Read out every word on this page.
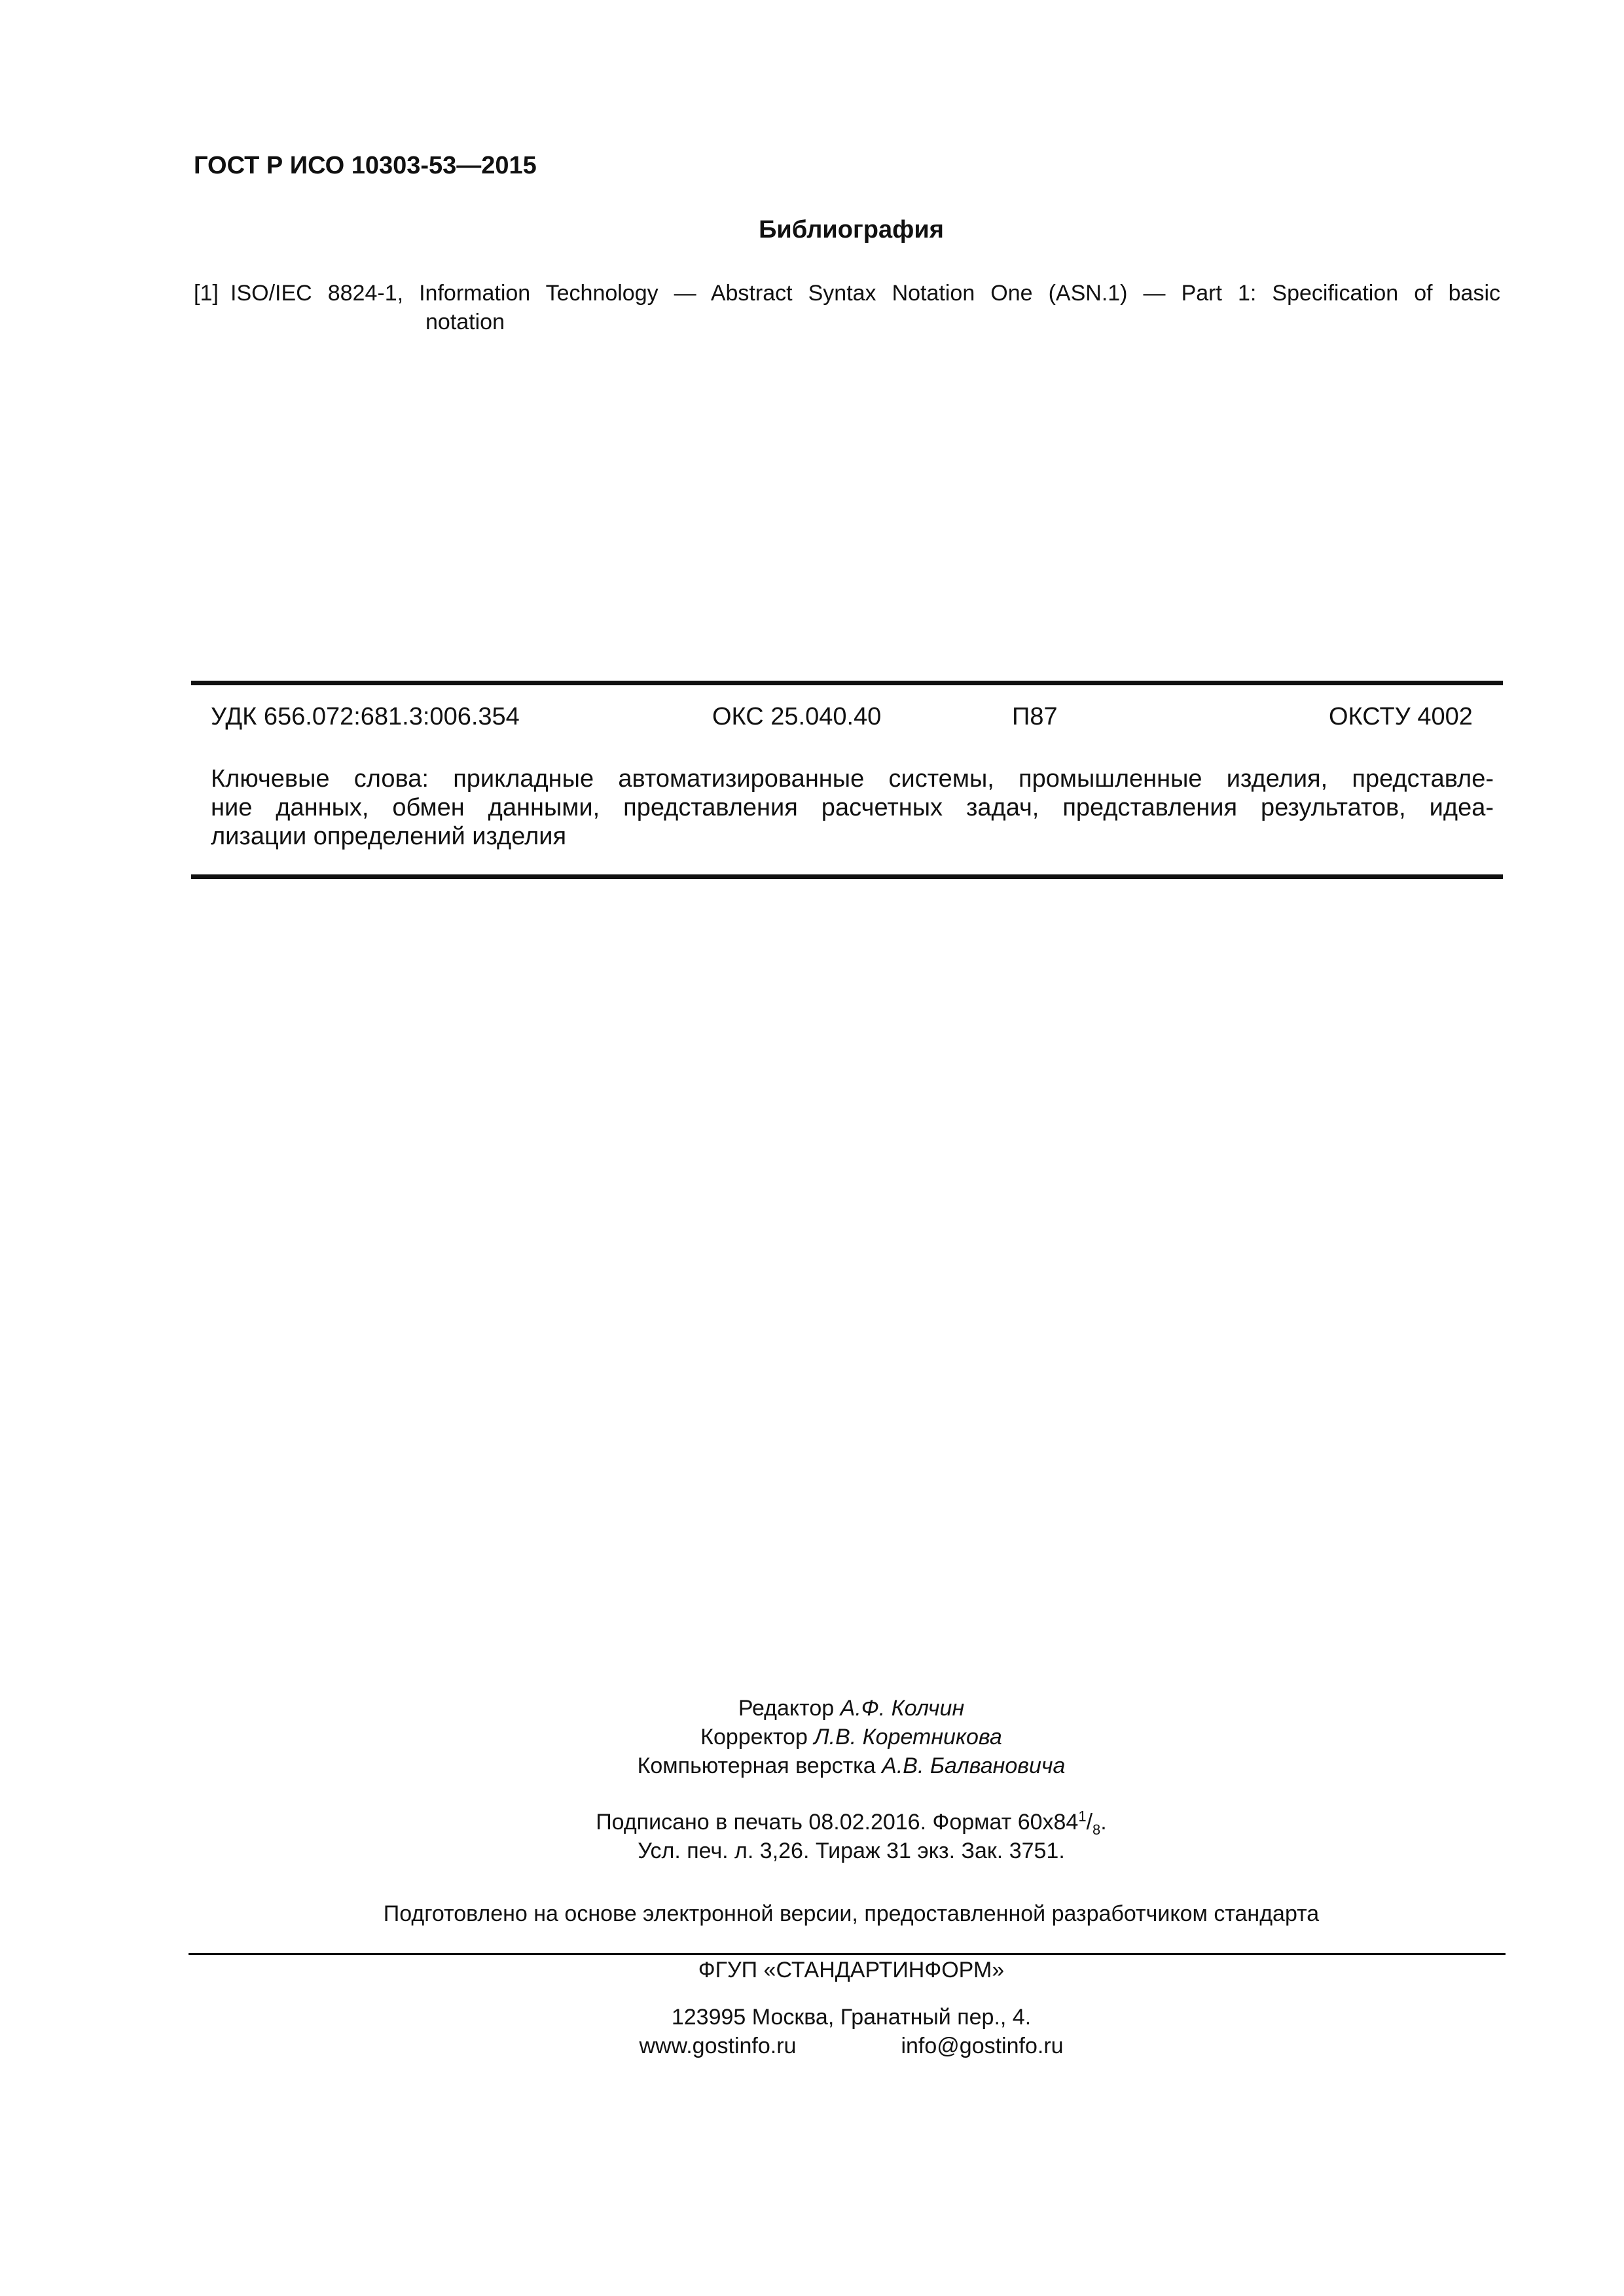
ГОСТ Р ИСО 10303-53—2015
Библиография
[1] ISO/IEC 8824-1, Information Technology — Abstract Syntax Notation One (ASN.1) — Part 1: Specification of basic
notation
УДК 656.072:681.3:006.354	ОКС 25.040.40	П87	ОКСТУ 4002
Ключевые слова: прикладные автоматизированные системы, промышленные изделия, представле-
ние данных, обмен данными, представления расчетных задач, представления результатов, идеа-
лизации определений изделия
Редактор А.Ф. Колчин
Корректор Л.В. Коретникова
Компьютерная верстка А.В. Балвановича
Подписано в печать 08.02.2016. Формат $60х84^1/_8$.
Усл. печ. л. 3,26. Тираж 31 экз. Зак. 3751.
Подготовлено на основе электронной версии, предоставленной разработчиком стандарта
ФГУП «СТАНДАРТИНФОРМ»
123995 Москва, Гранатный пер., 4.
www.gostinfo.ru	info@gostinfo.ru
